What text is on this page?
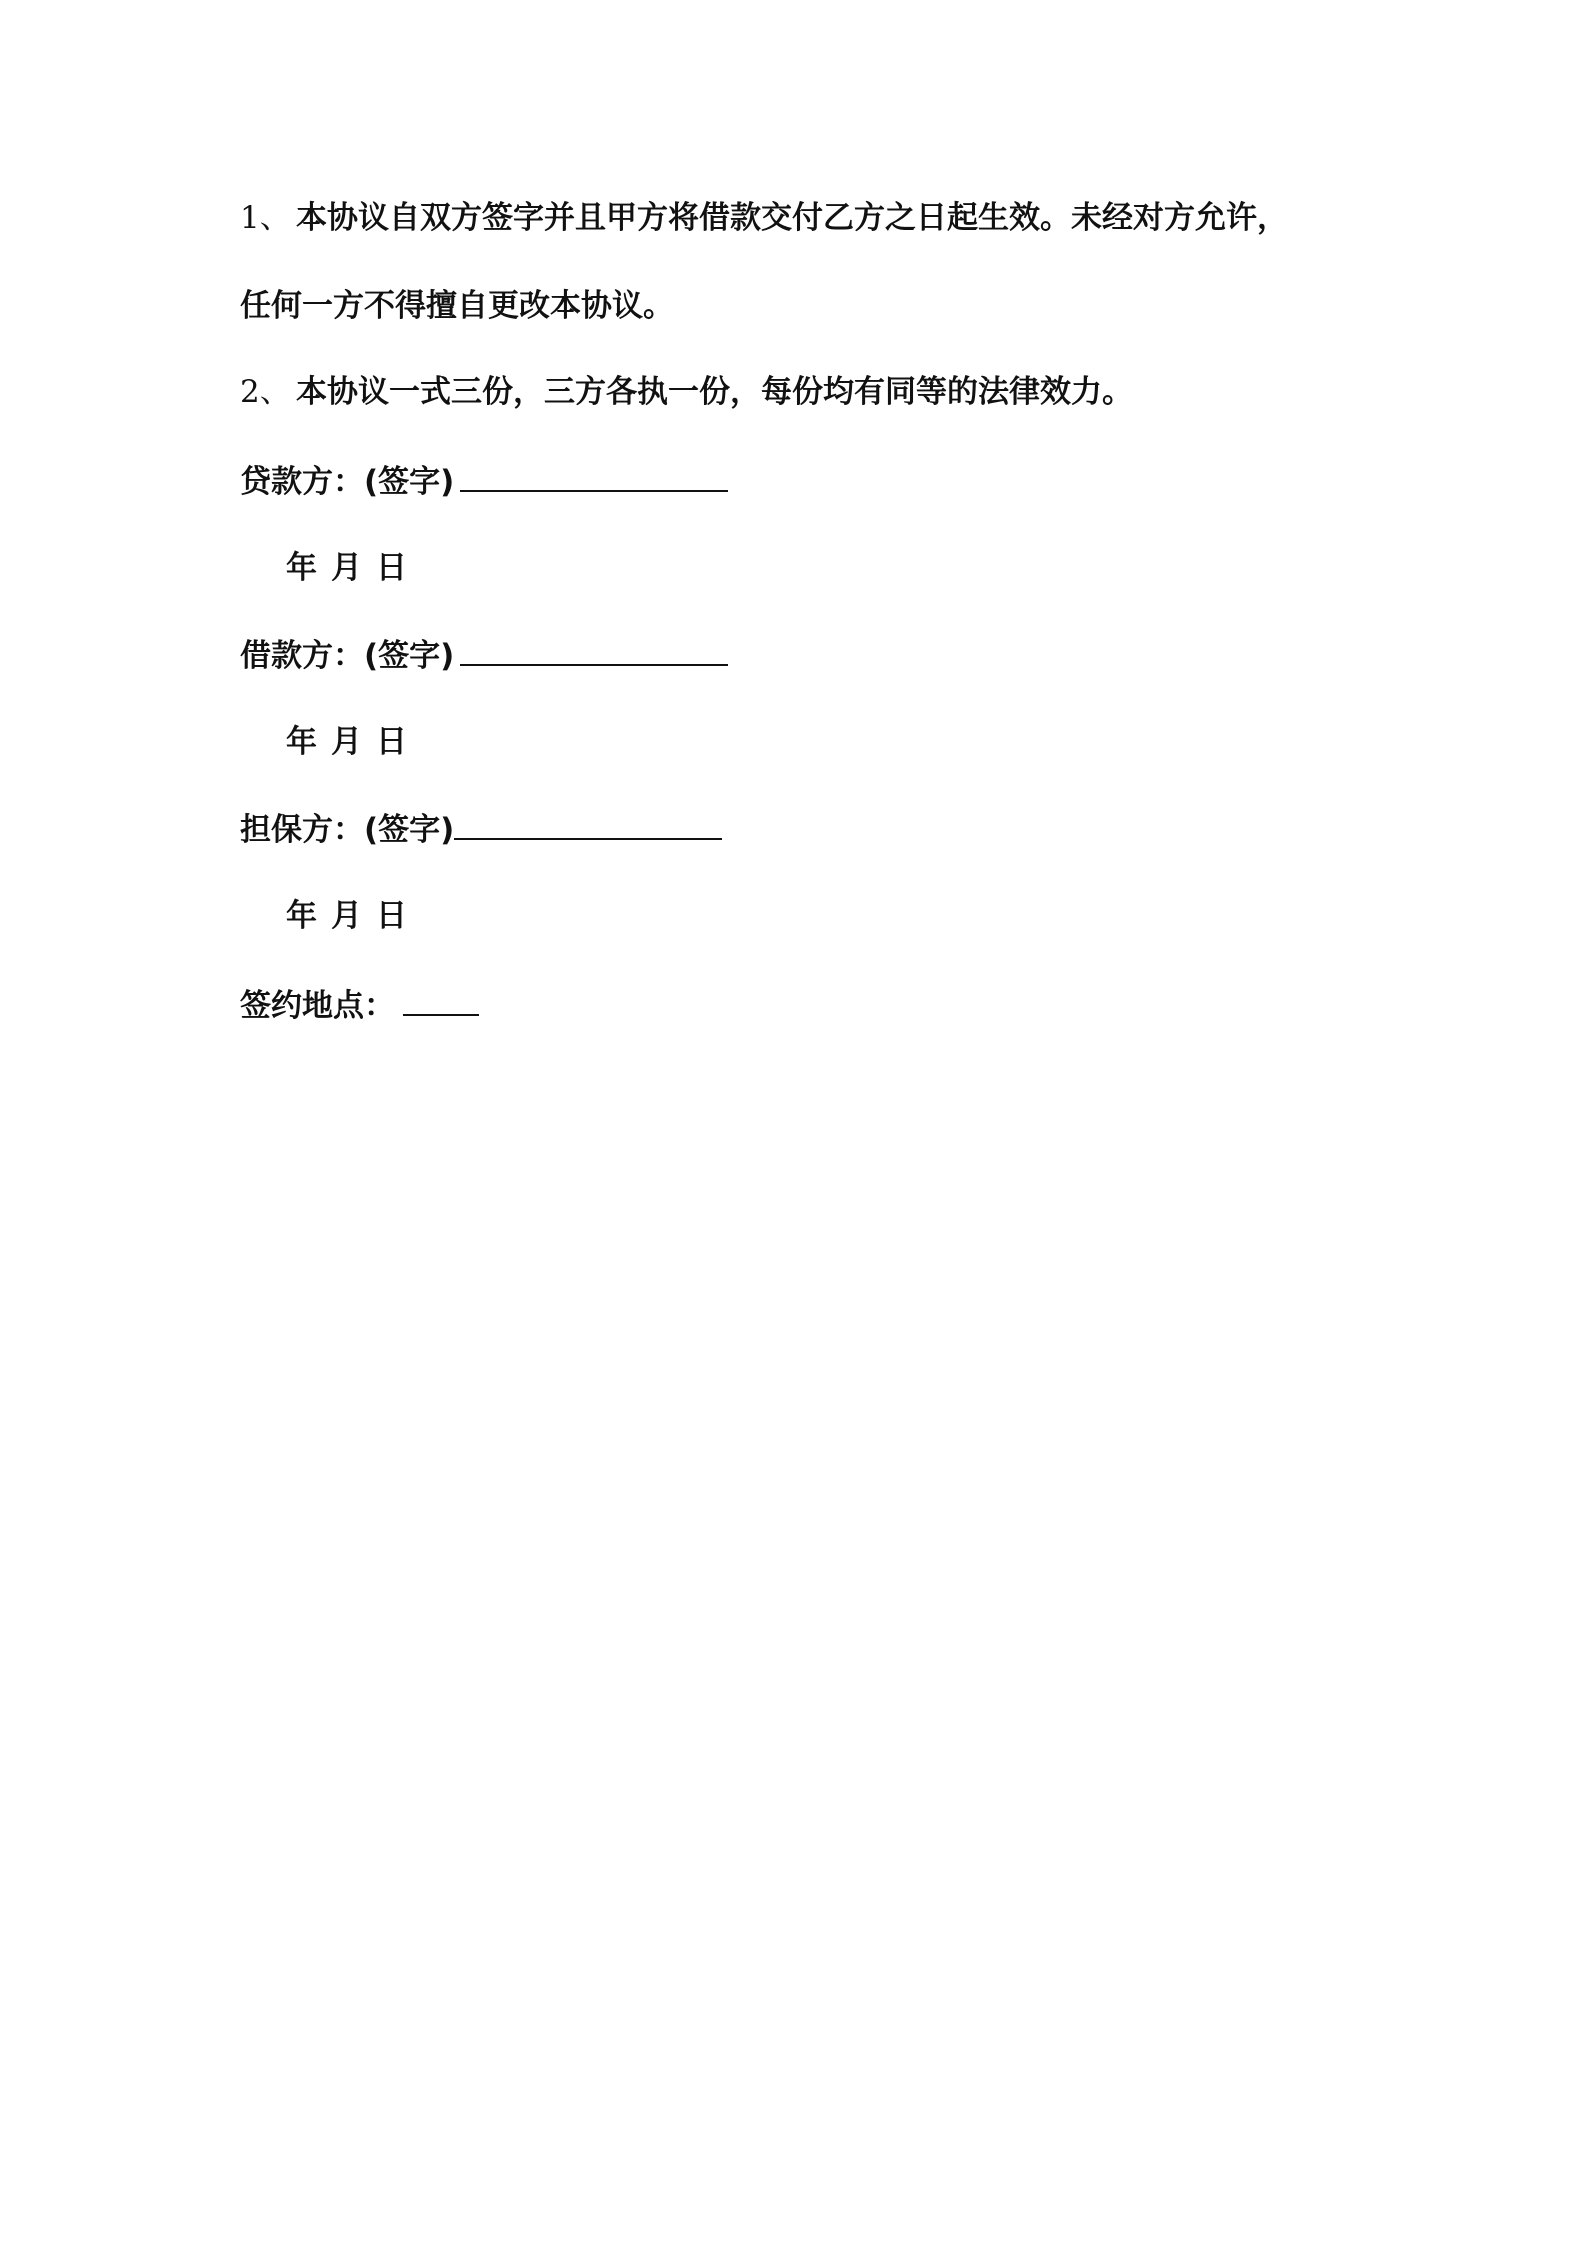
1、 本协议自双方签字并且甲方将借款交付乙方之日起生效。未经对方允许，
任何一方不得擅自更改本协议。
2、 本协议一式三份，三方各执一份，每份均有同等的法律效力。
贷款方：(签字)
年 月 日
借款方：(签字)
年 月 日
担保方：(签字)
年 月 日
签约地点：
